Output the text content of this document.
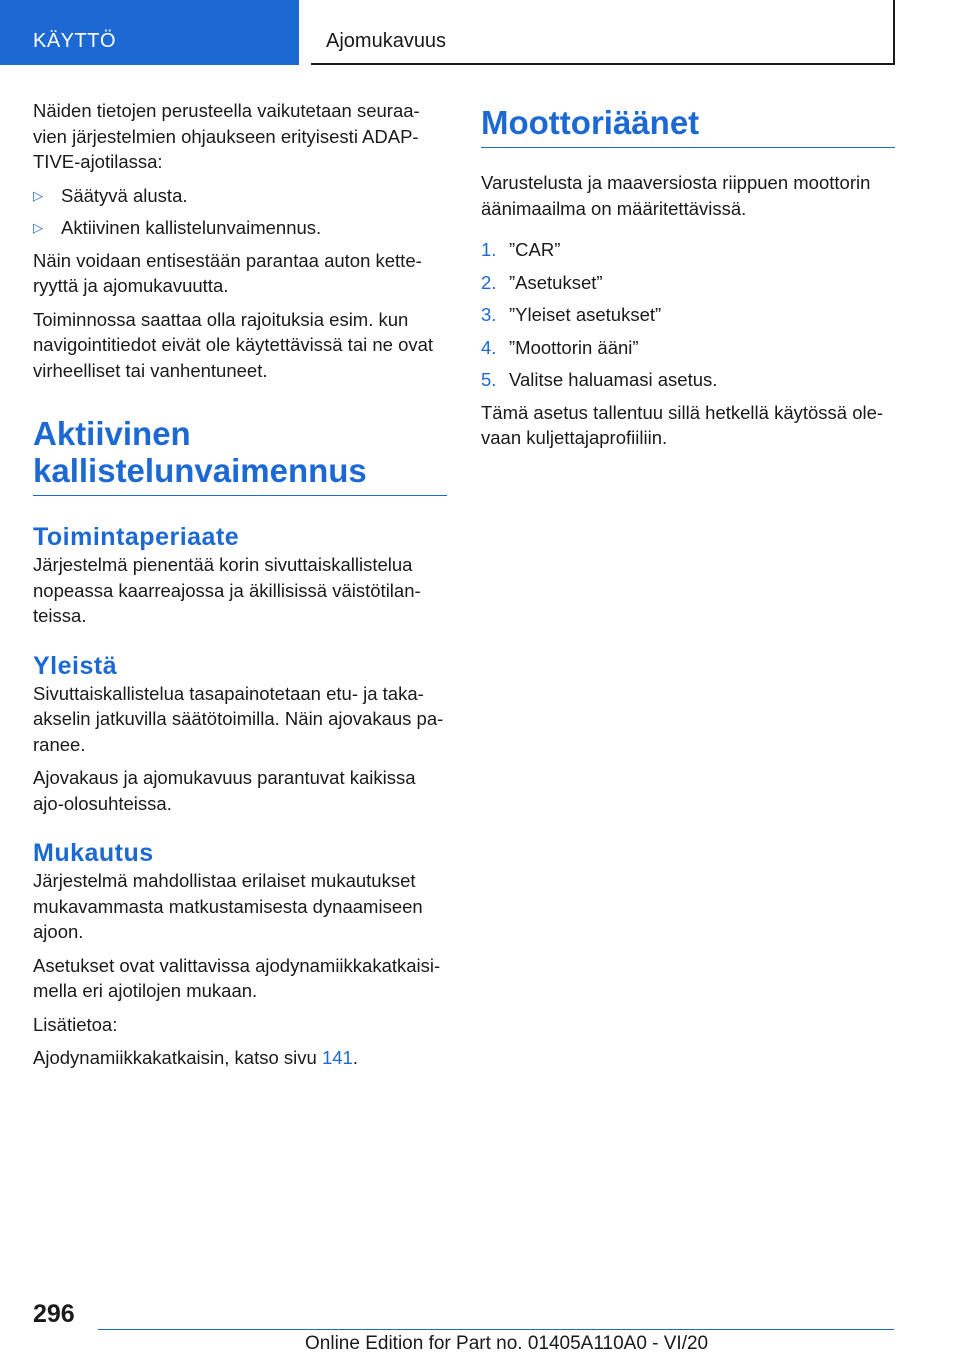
KÄYTTÖ	Ajomukavuus

Näiden tietojen perusteella vaikutetaan seuraa- vien järjestelmien ohjaukseen erityisesti ADAP- TIVE-ajotilassa:

▷ Säätyvä alusta.
▷ Aktiivinen kallistelunvaimennus.

Näin voidaan entisestään parantaa auton kette- ryyttä ja ajomukavuutta.

Toiminnossa saattaa olla rajoituksia esim. kun navigointitiedot eivät ole käytettävissä tai ne ovat virheelliset tai vanhentuneet.

Aktiivinen
kallistelunvaimennus
Toimintaperiaate

Järjestelmä pienentää korin sivuttaiskallistelua nopeassa kaarreajossa ja äkillisissä väistötilan- teissa.

Yleistä

Sivuttaiskallistelua tasapainotetaan etu- ja taka- akselin jatkuvilla säätötoimilla. Näin ajovakaus pa- ranee.

Ajovakaus ja ajomukavuus parantuvat kaikissa ajo-olosuhteissa.

Mukautus

Järjestelmä mahdollistaa erilaiset mukautukset mukavammasta matkustamisesta dynaamiseen ajoon.

Asetukset ovat valittavissa ajodynamiikkakatkaisi- mella eri ajotilojen mukaan.

Lisätietoa:

Ajodynamiikkakatkaisin, katso sivu 141.

Moottoriäänet

Varustelusta ja maaversiosta riippuen moottorin äänimaailma on määritettävissä.

1. ”CAR”
2. ”Asetukset”
3. ”Yleiset asetukset”
4. ”Moottorin ääni”
5. Valitse haluamasi asetus.

Tämä asetus tallentuu sillä hetkellä käytössä ole- vaan kuljettajaprofiiliin.

296
Online Edition for Part no. 01405A110A0 - VI/20
